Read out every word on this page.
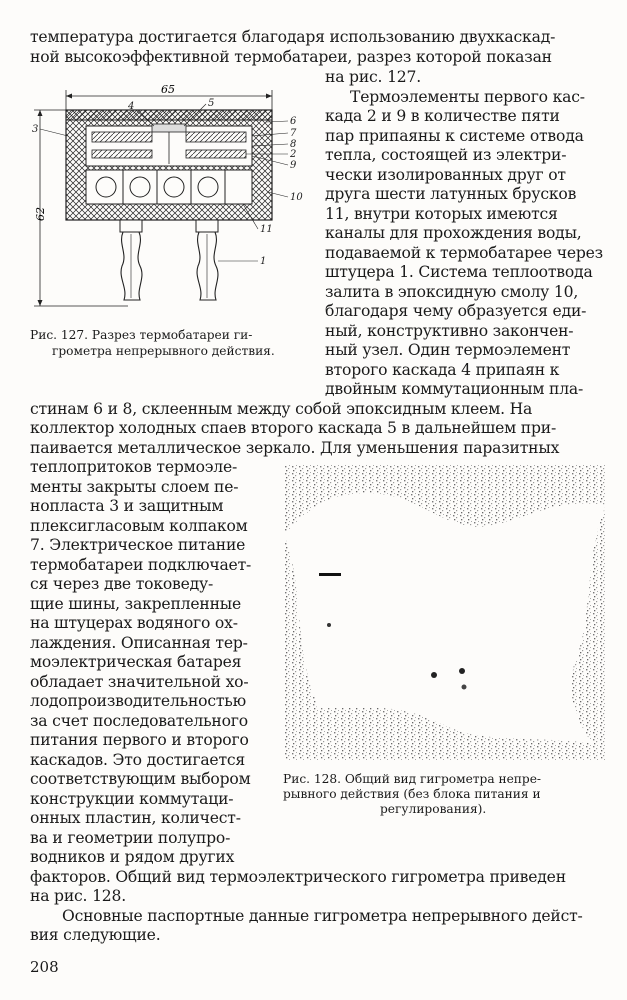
65
62
1
2
3
4	5
6
7
8
9
10
11
температура достигается благодаря использованию двухкаскад-
ной высокоэффективной термобатареи, разрез которой показан
на рис. 127.
Термоэлементы первого кас-
када 2 и 9 в количестве пяти
пар припаяны к системе отвода
тепла, состоящей из электри-
чески изолированных друг от
друга шести латунных брусков
11, внутри которых имеются
каналы для прохождения воды,
подаваемой к термобатарее через
штуцера 1. Система теплоотвода
залита в эпоксидную смолу 10,
благодаря чему образуется еди-
ный, конструктивно закончен-
ный узел. Один термоэлемент
второго каскада 4 припаян к
двойным коммутационным пла-
стинам 6 и 8, склеенным между собой эпоксидным клеем. На
коллектор холодных спаев второго каскада 5 в дальнейшем при-
паивается металлическое зеркало. Для уменьшения паразитных
теплопритоков термоэле-
менты закрыты слоем пе-
нопласта 3 и защитным
плексигласовым колпаком
7. Электрическое питание
термобатареи подключает-
ся через две токоведу-
щие шины, закрепленные
на штуцерах водяного ох-
лаждения. Описанная тер-
моэлектрическая батарея
обладает значительной хо-
лодопроизводительностью
за счет последовательного
питания первого и второго
каскадов. Это достигается
соответствующим выбором
конструкции коммутаци-
онных пластин, количест-
ва и геометрии полупро-
водников и рядом других
факторов. Общий вид термоэлектрического гигрометра приведен
на рис. 128.
Основные паспортные данные гигрометра непрерывного дейст-
вия следующие.
Рис. 127. Разрез термобатареи ги-
грометра непрерывного действия.
Рис. 128. Общий вид гигрометра непре-
рывного действия (без блока питания и
регулирования).
208
